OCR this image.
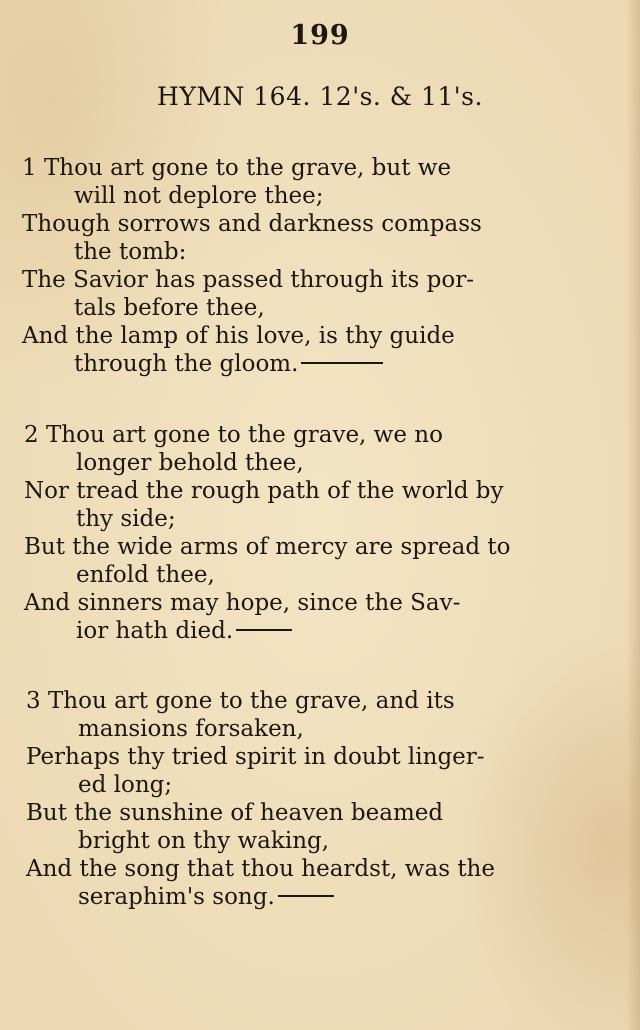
199
HYMN 164. 12's. & 11's.
1 Thou art gone to the grave, but we
will not deplore thee;
Though sorrows and darkness compass
the tomb:
The Savior has passed through its por-
tals before thee,
And the lamp of his love, is thy guide
through the gloom.
2 Thou art gone to the grave, we no
longer behold thee,
Nor tread the rough path of the world by
thy side;
But the wide arms of mercy are spread to
enfold thee,
And sinners may hope, since the Sav-
ior hath died.
3 Thou art gone to the grave, and its
mansions forsaken,
Perhaps thy tried spirit in doubt linger-
ed long;
But the sunshine of heaven beamed
bright on thy waking,
And the song that thou heardst, was the
seraphim's song.
